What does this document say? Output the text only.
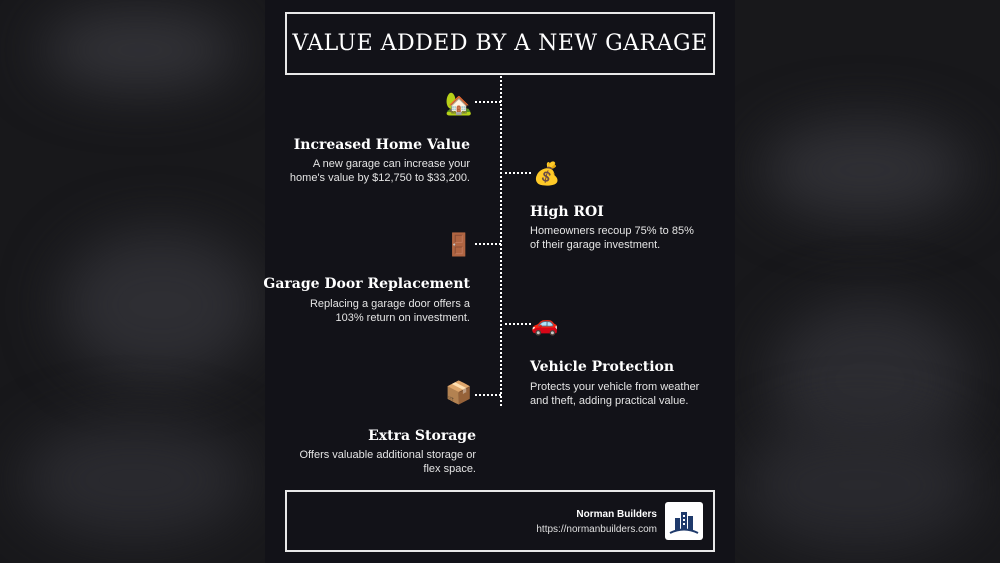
VALUE ADDED BY A NEW GARAGE
🏡
Increased Home Value

A new garage can increase your
home's value by $12,750 to $33,200.	💰
High ROI

Homeowners recoup 75% to 85%
of their garage investment.

🚪
Garage Door Replacement

Replacing a garage door offers a
103% return on investment.	🚗
Vehicle Protection

Protects your vehicle from weather
and theft, adding practical value.

📦
Extra Storage

Offers valuable additional storage or
flex space.

Norman Builders
https://normanbuilders.com
